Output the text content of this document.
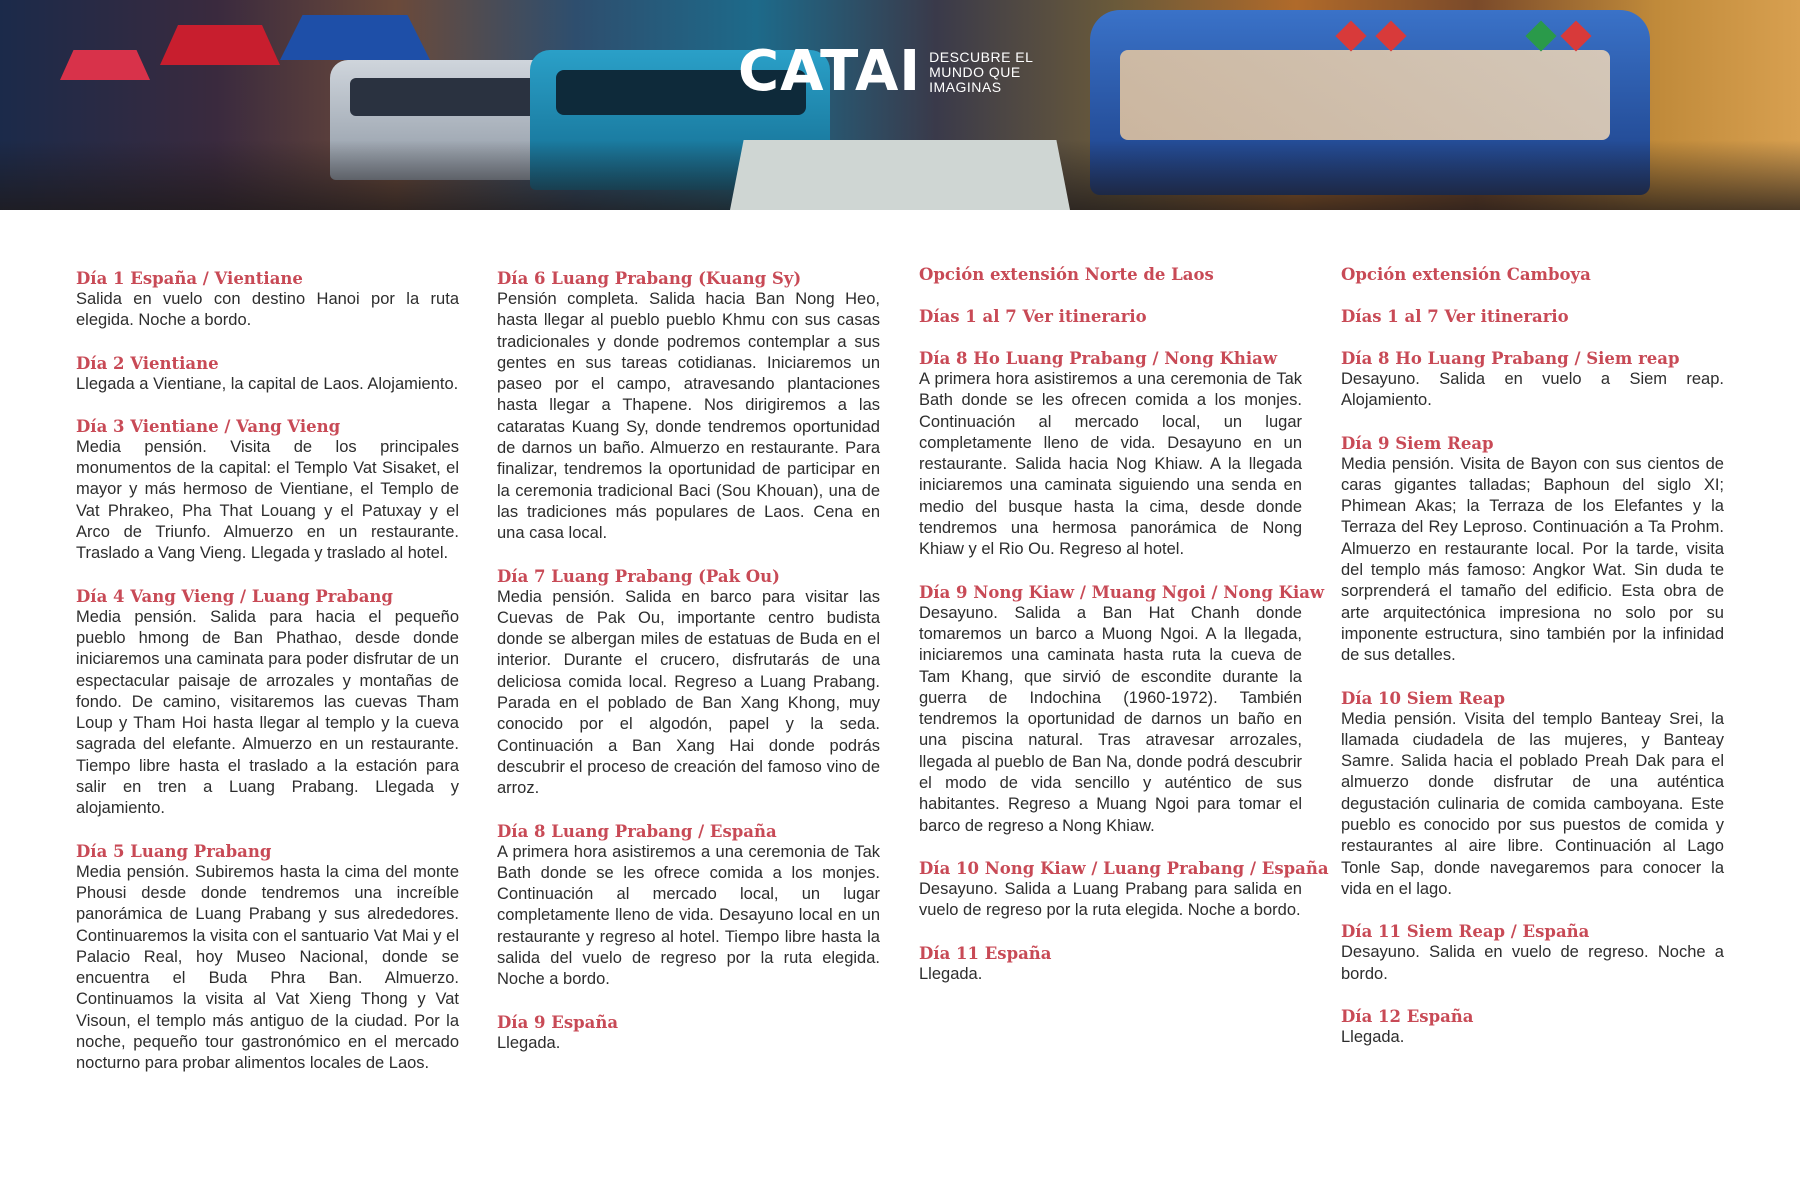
CATAI DESCUBRE EL
MUNDO QUE
IMAGINAS

Día 1 España / Vientiane

Salida en vuelo con destino Hanoi por la ruta elegida. Noche a bordo.

Día 2 Vientiane

Llegada a Vientiane, la capital de Laos. Alojamiento.

Día 3 Vientiane / Vang Vieng

Media pensión. Visita de los principales monumentos de la capital: el Templo Vat Sisaket, el mayor y más hermoso de Vientiane, el Templo de Vat Phrakeo, Pha That Louang y el Patuxay y el Arco de Triunfo. Almuerzo en un restaurante. Traslado a Vang Vieng. Llegada y traslado al hotel.

Día 4 Vang Vieng / Luang Prabang

Media pensión. Salida para hacia el pequeño pueblo hmong de Ban Phathao, desde donde iniciaremos una caminata para poder disfrutar de un espectacular paisaje de arrozales y montañas de fondo. De camino, visitaremos las cuevas Tham Loup y Tham Hoi hasta llegar al templo y la cueva sagrada del elefante. Almuerzo en un restaurante. Tiempo libre hasta el traslado a la estación para salir en tren a Luang Prabang. Llegada y alojamiento.

Día 5 Luang Prabang

Media pensión. Subiremos hasta la cima del monte Phousi desde donde tendremos una increíble panorámica de Luang Prabang y sus alrededores. Continuaremos la visita con el santuario Vat Mai y el Palacio Real, hoy Museo Nacional, donde se encuentra el Buda Phra Ban. Almuerzo. Continuamos la visita al Vat Xieng Thong y Vat Visoun, el templo más antiguo de la ciudad. Por la noche, pequeño tour gastronómico en el mercado nocturno para probar alimentos locales de Laos.

Día 6 Luang Prabang (Kuang Sy)

Pensión completa. Salida hacia Ban Nong Heo, hasta llegar al pueblo pueblo Khmu con sus casas tradicionales y donde podremos contemplar a sus gentes en sus tareas cotidianas. Iniciaremos un paseo por el campo, atravesando plantaciones hasta llegar a Thapene. Nos dirigiremos a las cataratas Kuang Sy, donde tendremos oportunidad de darnos un baño. Almuerzo en restaurante. Para finalizar, tendremos la oportunidad de participar en la ceremonia tradicional Baci (Sou Khouan), una de las tradiciones más populares de Laos. Cena en una casa local.

Día 7 Luang Prabang (Pak Ou)

Media pensión. Salida en barco para visitar las Cuevas de Pak Ou, importante centro budista donde se albergan miles de estatuas de Buda en el interior. Durante el crucero, disfrutarás de una deliciosa comida local. Regreso a Luang Prabang. Parada en el poblado de Ban Xang Khong, muy conocido por el algodón, papel y la seda. Continuación a Ban Xang Hai donde podrás descubrir el proceso de creación del famoso vino de arroz.

Día 8 Luang Prabang / España

A primera hora asistiremos a una ceremonia de Tak Bath donde se les ofrece comida a los monjes. Continuación al mercado local, un lugar completamente lleno de vida. Desayuno local en un restaurante y regreso al hotel. Tiempo libre hasta la salida del vuelo de regreso por la ruta elegida. Noche a bordo.

Día 9 España

Llegada.

Opción extensión Norte de Laos

Días 1 al 7 Ver itinerario

Día 8 Ho Luang Prabang / Nong Khiaw

A primera hora asistiremos a una ceremonia de Tak Bath donde se les ofrecen comida a los monjes. Continuación al mercado local, un lugar completamente lleno de vida. Desayuno en un restaurante. Salida hacia Nog Khiaw. A la llegada iniciaremos una caminata siguiendo una senda en medio del busque hasta la cima, desde donde tendremos una hermosa panorámica de Nong Khiaw y el Rio Ou. Regreso al hotel.

Día 9 Nong Kiaw / Muang Ngoi / Nong Kiaw

Desayuno. Salida a Ban Hat Chanh donde tomaremos un barco a Muong Ngoi. A la llegada, iniciaremos una caminata hasta ruta la cueva de Tam Khang, que sirvió de escondite durante la guerra de Indochina (1960-1972). También tendremos la oportunidad de darnos un baño en una piscina natural. Tras atravesar arrozales, llegada al pueblo de Ban Na, donde podrá descubrir el modo de vida sencillo y auténtico de sus habitantes. Regreso a Muang Ngoi para tomar el barco de regreso a Nong Khiaw.

Día 10 Nong Kiaw / Luang Prabang / España

Desayuno. Salida a Luang Prabang para salida en vuelo de regreso por la ruta elegida. Noche a bordo.

Día 11 España

Llegada.

Opción extensión Camboya

Días 1 al 7 Ver itinerario

Día 8 Ho Luang Prabang / Siem reap

Desayuno. Salida en vuelo a Siem reap. Alojamiento.

Día 9 Siem Reap

Media pensión. Visita de Bayon con sus cientos de caras gigantes talladas; Baphoun del siglo XI; Phimean Akas; la Terraza de los Elefantes y la Terraza del Rey Leproso. Continuación a Ta Prohm. Almuerzo en restaurante local. Por la tarde, visita del templo más famoso: Angkor Wat. Sin duda te sorprenderá el tamaño del edificio. Esta obra de arte arquitectónica impresiona no solo por su imponente estructura, sino también por la infinidad de sus detalles.

Día 10 Siem Reap

Media pensión. Visita del templo Banteay Srei, la llamada ciudadela de las mujeres, y Banteay Samre. Salida hacia el poblado Preah Dak para el almuerzo donde disfrutar de una auténtica degustación culinaria de comida camboyana. Este pueblo es conocido por sus puestos de comida y restaurantes al aire libre. Continuación al Lago Tonle Sap, donde navegaremos para conocer la vida en el lago.

Día 11 Siem Reap / España

Desayuno. Salida en vuelo de regreso. Noche a bordo.

Día 12 España

Llegada.
